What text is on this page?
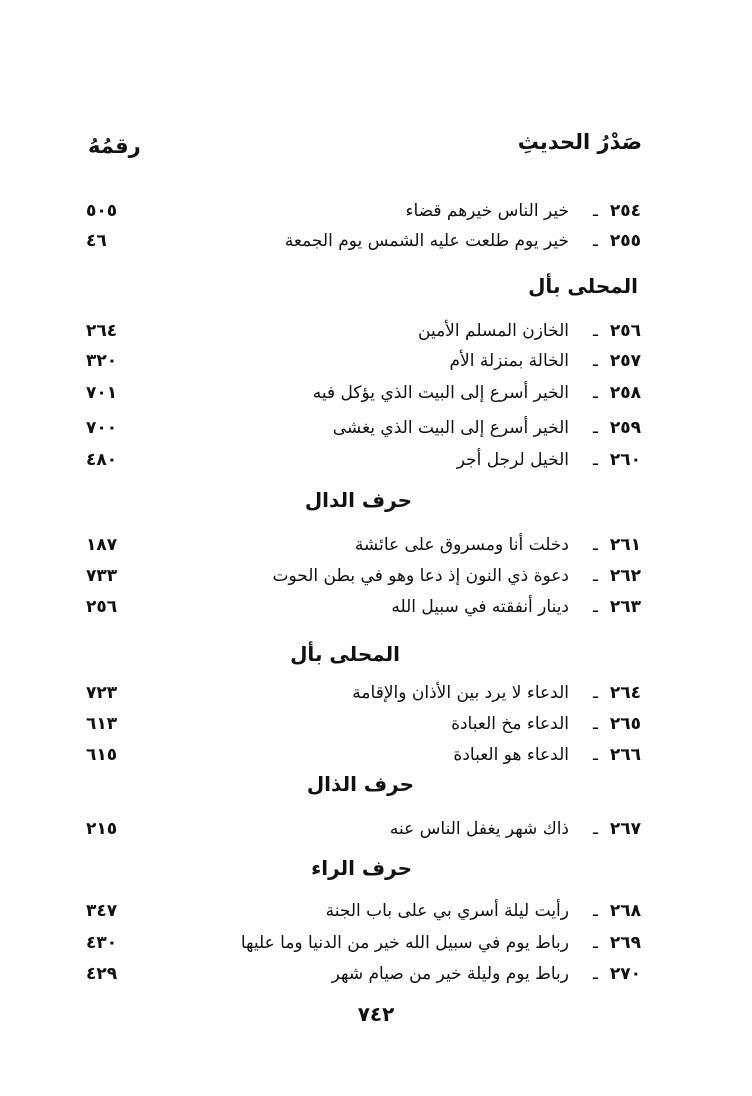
صَدْرُ الحديثِ
رقمُهُ
٥٠٥	خير الناس خيرهم قضاء ـ ٢٥٤
٤٦	خير يوم طلعت عليه الشمس يوم الجمعة ـ ٢٥٥
المحلى بأل
٢٦٤	الخازن المسلم الأمين ـ ٢٥٦
٣٢٠	الخالة بمنزلة الأم ـ ٢٥٧
٧٠١	الخير أسرع إلى البيت الذي يؤكل فيه ـ ٢٥٨
٧٠٠	الخير أسرع إلى البيت الذي يغشى ـ ٢٥٩
٤٨٠	الخيل لرجل أجر ـ ٢٦٠
حرف الدال
١٨٧	دخلت أنا ومسروق على عائشة ـ ٢٦١
٧٣٣	دعوة ذي النون إذ دعا وهو في بطن الحوت ـ ٢٦٢
٢٥٦	دينار أنفقته في سبيل الله ـ ٢٦٣
المحلى بأل
٧٢٣	الدعاء لا يرد بين الأذان والإقامة ـ ٢٦٤
٦١٣	الدعاء مخ العبادة ـ ٢٦٥
٦١٥	الدعاء هو العبادة ـ ٢٦٦
حرف الذال
٢١٥	ذاك شهر يغفل الناس عنه ـ ٢٦٧
حرف الراء
٣٤٧	رأيت ليلة أسري بي على باب الجنة ـ ٢٦٨
٤٣٠	رباط يوم في سبيل الله خير من الدنيا وما عليها ـ ٢٦٩
٤٢٩	رباط يوم وليلة خير من صيام شهر ـ ٢٧٠
٧٤٢
